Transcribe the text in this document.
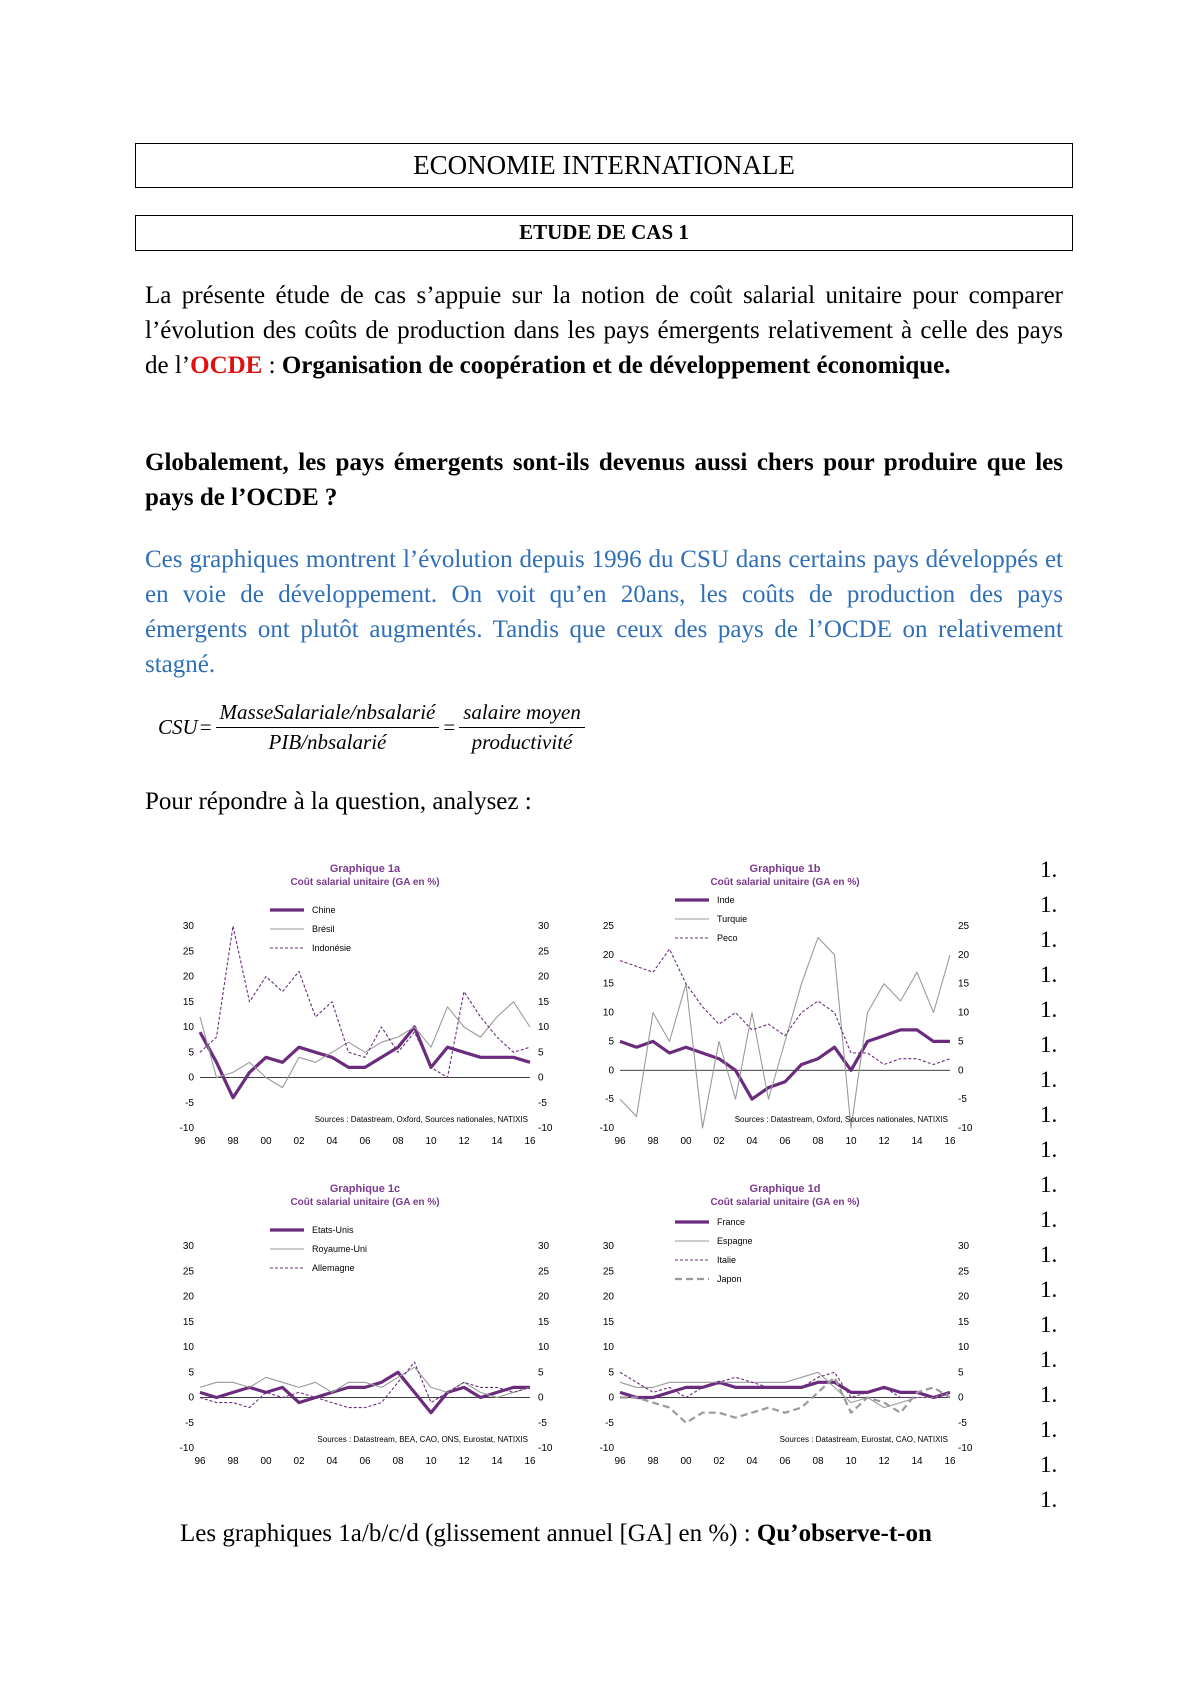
ECONOMIE INTERNATIONALE
ETUDE DE CAS 1

La présente étude de cas s’appuie sur la notion de coût salarial unitaire pour comparer l’évolution des coûts de production dans les pays émergents relativement à celle des pays de l’OCDE : Organisation de coopération et de développement économique.

Globalement, les pays émergents sont-ils devenus aussi chers pour produire que les pays de l’OCDE ?

Ces graphiques montrent l’évolution depuis 1996 du CSU dans certains pays développés et en voie de développement. On voit qu’en 20ans, les coûts de production des pays émergents ont plutôt augmentés. Tandis que ceux des pays de l’OCDE on relativement stagné.

CSU = $\frac{\text{MasseSalariale/nbsalarié}}{\text{PIB/nbsalarié}} = \frac{\text{salaire moyen}}{\text{productivité}}$

Pour répondre à la question, analysez :

Graphique 1a
Coût salarial unitaire (GA en %)
-10	-10
-5	-5
0	0
5	5
10	10
15	15
20	20
25	25
30	30
96 98 00 02 04 06 08 10 12 14 16
Chine
Brésil
Indonésie
Sources : Datastream, Oxford, Sources nationales, NATIXIS
Graphique 1b
Coût salarial unitaire (GA en %)
-10	-10
-5	-5
0	0
5	5
10	10
15	15
20	20
25	25
96 98 00 02 04 06 08 10 12 14 16
Inde
Turquie
Peco
Sources : Datastream, Oxford, Sources nationales, NATIXIS
Graphique 1c
Coût salarial unitaire (GA en %)
-10	-10
-5	-5
0	0
5	5
10	10
15	15
20	20
25	25
30	30
96 98 00 02 04 06 08 10 12 14 16
Etats-Unis
Royaume-Uni
Allemagne
Sources : Datastream, BEA, CAO, ONS, Eurostat, NATIXIS
Graphique 1d
Coût salarial unitaire (GA en %)
-10	-10
-5	-5
0	0
5	5
10	10
15	15
20	20
25	25
30	30
96 98 00 02 04 06 08 10 12 14 16
France
Espagne
Italie
Japon
Sources : Datastream, Eurostat, CAO, NATIXIS
1.
1.
1.
1.
1.
1.
1.
1.
1.
1.
1.
1.
1.
1.
1.
1.
1.
1.
1.

Les graphiques 1a/b/c/d (glissement annuel [GA] en %) : Qu’observe-t-on
